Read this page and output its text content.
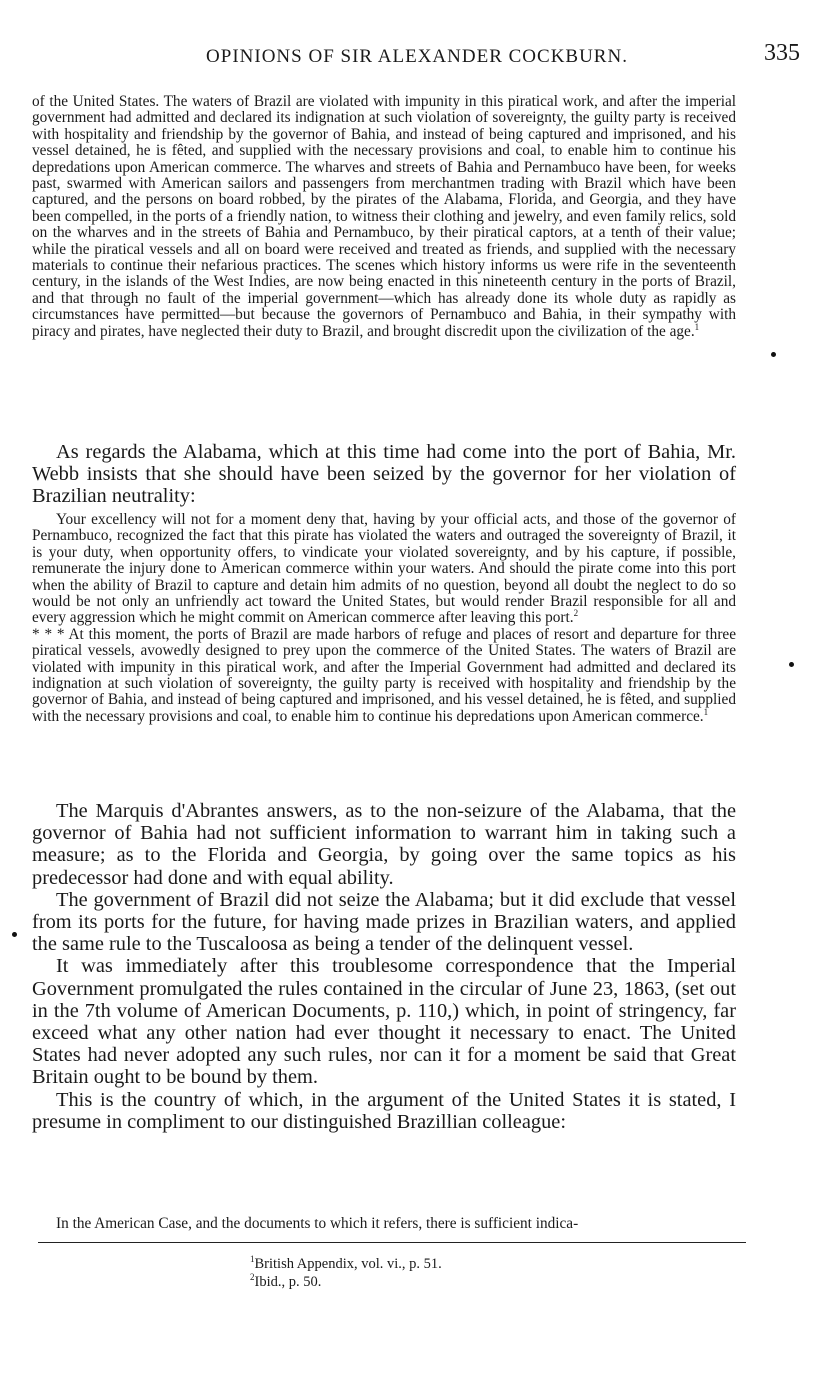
OPINIONS OF SIR ALEXANDER COCKBURN.	335

of the United States. The waters of Brazil are violated with impunity in this piratical work, and after the imperial government had admitted and declared its indignation at such violation of sovereignty, the guilty party is received with hospitality and friendship by the governor of Bahia, and instead of being captured and imprisoned, and his vessel detained, he is fêted, and supplied with the necessary provisions and coal, to enable him to continue his depredations upon American commerce. The wharves and streets of Bahia and Pernambuco have been, for weeks past, swarmed with American sailors and passengers from merchantmen trading with Brazil which have been captured, and the persons on board robbed, by the pirates of the Alabama, Florida, and Georgia, and they have been compelled, in the ports of a friendly nation, to witness their clothing and jewelry, and even family relics, sold on the wharves and in the streets of Bahia and Pernambuco, by their piratical captors, at a tenth of their value; while the piratical vessels and all on board were received and treated as friends, and supplied with the necessary materials to continue their nefarious practices. The scenes which history informs us were rife in the seventeenth century, in the islands of the West Indies, are now being enacted in this nineteenth century in the ports of Brazil, and that through no fault of the imperial government—which has already done its whole duty as rapidly as circumstances have permitted—but because the governors of Pernambuco and Bahia, in their sympathy with piracy and pirates, have neglected their duty to Brazil, and brought discredit upon the civilization of the age.$^1$

As regards the Alabama, which at this time had come into the port of Bahia, Mr. Webb insists that she should have been seized by the governor for her violation of Brazilian neutrality:

Your excellency will not for a moment deny that, having by your official acts, and those of the governor of Pernambuco, recognized the fact that this pirate has violated the waters and outraged the sovereignty of Brazil, it is your duty, when opportunity offers, to vindicate your violated sovereignty, and by his capture, if possible, remunerate the injury done to American commerce within your waters. And should the pirate come into this port when the ability of Brazil to capture and detain him admits of no question, beyond all doubt the neglect to do so would be not only an unfriendly act toward the United States, but would render Brazil responsible for all and every aggression which he might commit on American commerce after leaving this port.$^2$

* * * At this moment, the ports of Brazil are made harbors of refuge and places of resort and departure for three piratical vessels, avowedly designed to prey upon the commerce of the United States. The waters of Brazil are violated with impunity in this piratical work, and after the Imperial Government had admitted and declared its indignation at such violation of sovereignty, the guilty party is received with hospitality and friendship by the governor of Bahia, and instead of being captured and imprisoned, and his vessel detained, he is fêted, and supplied with the necessary provisions and coal, to enable him to continue his depredations upon American commerce.$^1$

The Marquis d'Abrantes answers, as to the non-seizure of the Alabama, that the governor of Bahia had not sufficient information to warrant him in taking such a measure; as to the Florida and Georgia, by going over the same topics as his predecessor had done and with equal ability.

The government of Brazil did not seize the Alabama; but it did exclude that vessel from its ports for the future, for having made prizes in Brazilian waters, and applied the same rule to the Tuscaloosa as being a tender of the delinquent vessel.

It was immediately after this troublesome correspondence that the Imperial Government promulgated the rules contained in the circular of June 23, 1863, (set out in the 7th volume of American Documents, p. 110,) which, in point of stringency, far exceed what any other nation had ever thought it necessary to enact. The United States had never adopted any such rules, nor can it for a moment be said that Great Britain ought to be bound by them.

This is the country of which, in the argument of the United States it is stated, I presume in compliment to our distinguished Brazillian colleague:

In the American Case, and the documents to which it refers, there is sufficient indica-

$^1$British Appendix, vol. vi., p. 51.
$^2$Ibid., p. 50.
